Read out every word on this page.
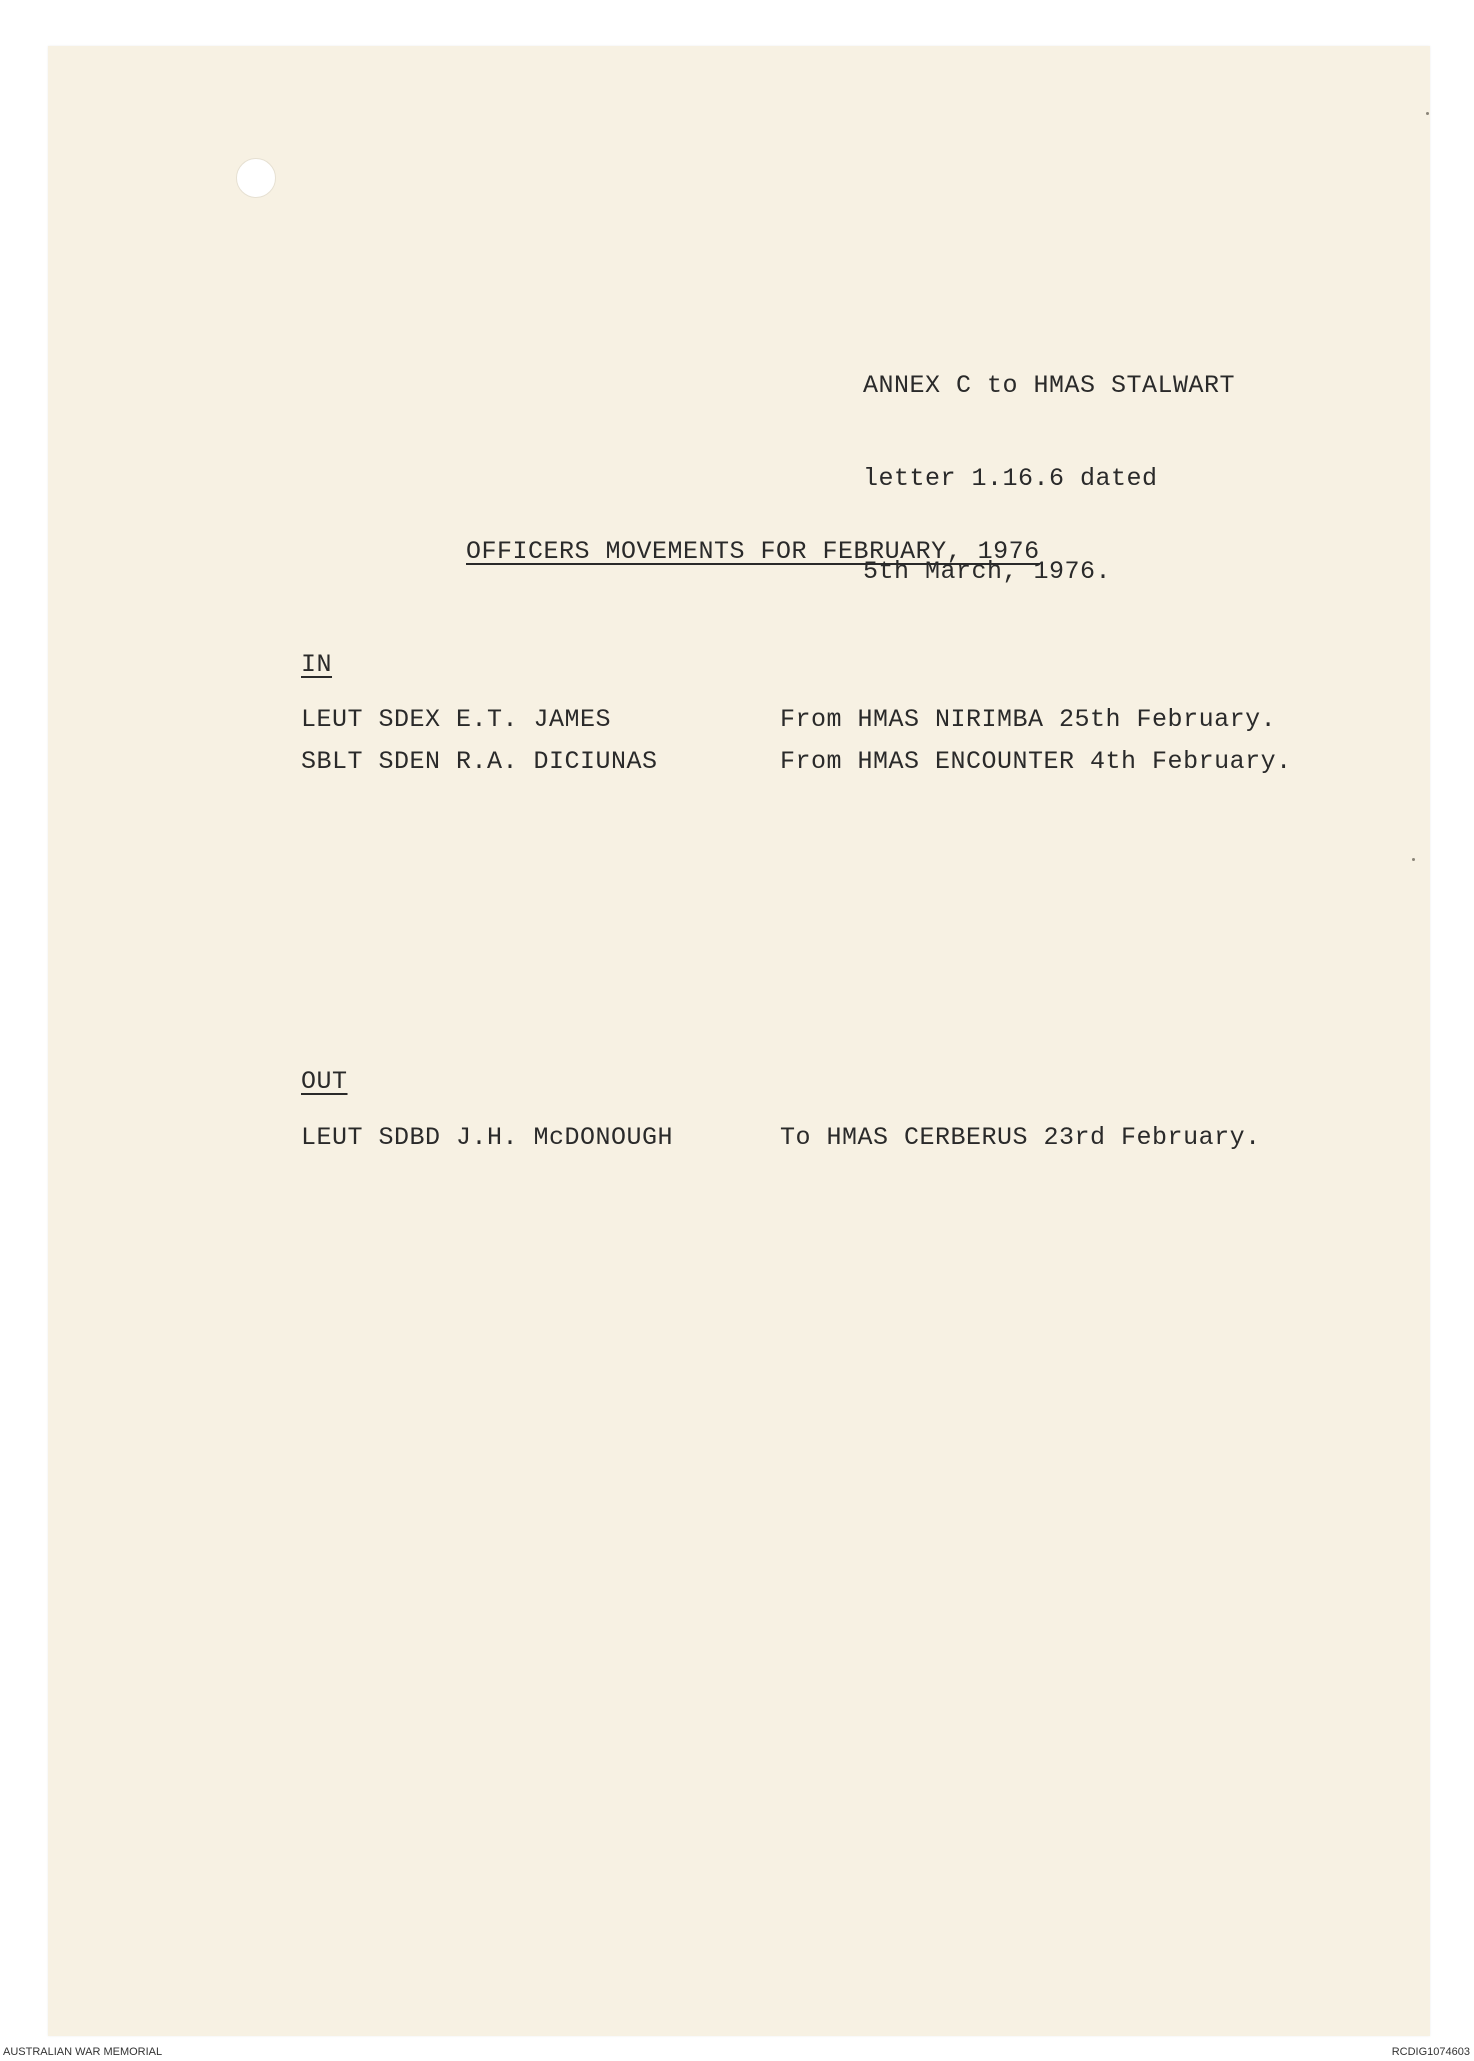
ANNEX C to HMAS STALWART

letter 1.16.6 dated

5th March, 1976.

OFFICERS MOVEMENTS FOR FEBRUARY, 1976
IN
LEUT SDEX E.T. JAMES	From HMAS NIRIMBA 25th February.
SBLT SDEN R.A. DICIUNAS	From HMAS ENCOUNTER 4th February.
OUT
LEUT SDBD J.H. McDONOUGH	To HMAS CERBERUS 23rd February.
AUSTRALIAN WAR MEMORIAL	RCDIG1074603
